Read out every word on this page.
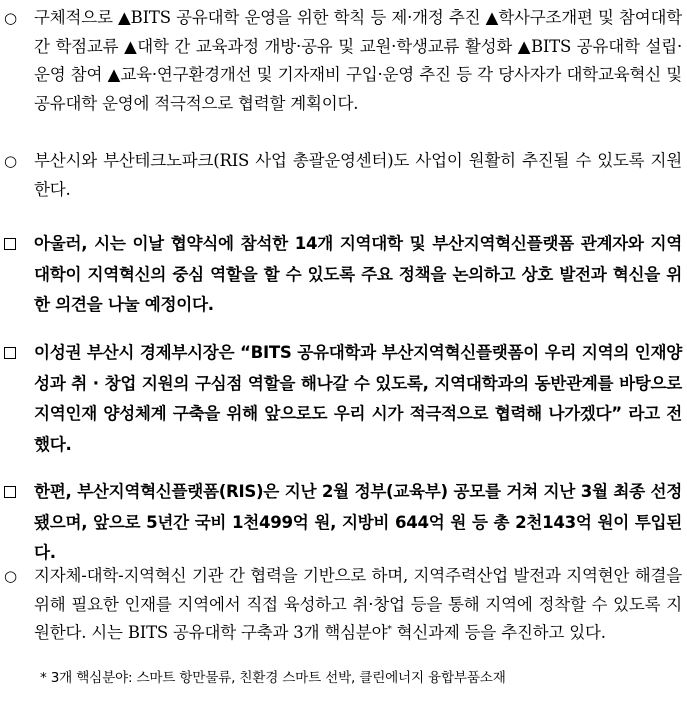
○	구체적으로 ▲BITS 공유대학 운영을 위한 학칙 등 제·개정 추진 ▲학사구조개편 및 참여대학 간 학점교류 ▲대학 간 교육과정 개방·공유 및 교원·학생교류 활성화 ▲BITS 공유대학 설립·운영 참여 ▲교육·연구환경개선 및 기자재비 구입·운영 추진 등 각 당사자가 대학교육혁신 및 공유대학 운영에 적극적으로 협력할 계획이다.
○	부산시와 부산테크노파크(RIS 사업 총괄운영센터)도 사업이 원활히 추진될 수 있도록 지원한다.
아울러, 시는 이날 협약식에 참석한 14개 지역대학 및 부산지역혁신플랫폼 관계자와 지역대학이 지역혁신의 중심 역할을 할 수 있도록 주요 정책을 논의하고 상호 발전과 혁신을 위한 의견을 나눌 예정이다.
이성권 부산시 경제부시장은 “BITS 공유대학과 부산지역혁신플랫폼이 우리 지역의 인재양성과 취 · 창업 지원의 구심점 역할을 해나갈 수 있도록, 지역대학과의 동반관계를 바탕으로 지역인재 양성체계 구축을 위해 앞으로도 우리 시가 적극적으로 협력해 나가겠다” 라고 전했다.
한편, 부산지역혁신플랫폼(RIS)은 지난 2월 정부(교육부) 공모를 거쳐 지난 3월 최종 선정됐으며, 앞으로 5년간 국비 1천499억 원, 지방비 644억 원 등 총 2천143억 원이 투입된다.
○	지자체-대학-지역혁신 기관 간 협력을 기반으로 하며, 지역주력산업 발전과 지역현안 해결을 위해 필요한 인재를 지역에서 직접 육성하고 취·창업 등을 통해 지역에 정착할 수 있도록 지원한다. 시는 BITS 공유대학 구축과 3개 핵심분야* 혁신과제 등을 추진하고 있다.
* 3개 핵심분야: 스마트 항만물류, 친환경 스마트 선박, 클린에너지 융합부품소재
